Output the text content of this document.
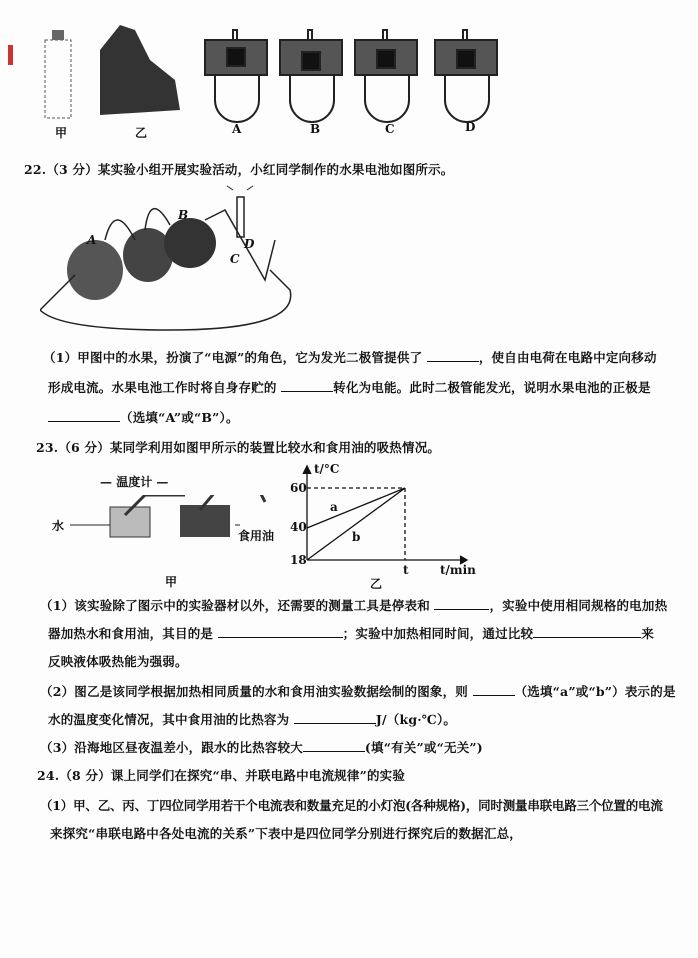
甲	乙	A	B	C	D
22.（3 分）某实验小组开展实验活动，小红同学制作的水果电池如图所示。
A
B
C
D
（1）甲图中的水果，扮演了“电源”的角色，它为发光二极管提供了	，使自由电荷在电路中定向移动
形成电流。水果电池工作时将自身存贮的	转化为电能。此时二极管能发光，说明水果电池的正极是
（选填“A”或“B”）。
23.（6 分）某同学利用如图甲所示的装置比较水和食用油的吸热情况。
— 温度计 —
水
食用油
甲
t/°C
60
40
18
a
b
t	t/min
乙
（1）该实验除了图示中的实验器材以外，还需要的测量工具是停表和	，实验中使用相同规格的电加热
器加热水和食用油，其目的是	；实验中加热相同时间，通过比较	来
反映液体吸热能为强弱。
（2）图乙是该同学根据加热相同质量的水和食用油实验数据绘制的图象，则	（选填“a”或“b”）表示的是
水的温度变化情况，其中食用油的比热容为	J/（kg·℃）。
（3）沿海地区昼夜温差小，跟水的比热容较大	(填“有关”或“无关”)
24.（8 分）课上同学们在探究“串、并联电路中电流规律”的实验
（1）甲、乙、丙、丁四位同学用若干个电流表和数量充足的小灯泡(各种规格)，同时测量串联电路三个位置的电流
来探究“串联电路中各处电流的关系”下表中是四位同学分别进行探究后的数据汇总，
